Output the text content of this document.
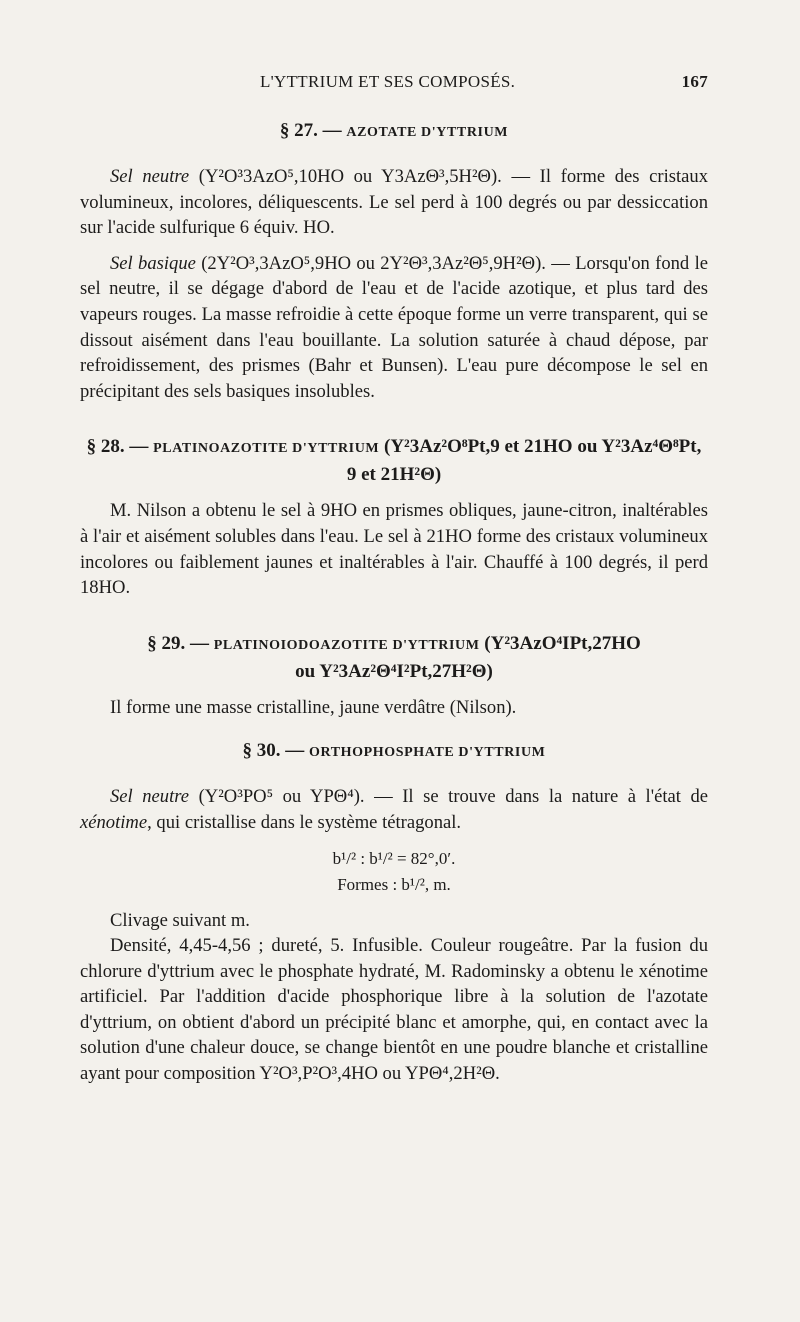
L'YTTRIUM ET SES COMPOSÉS.	167
§ 27. — AZOTATE D'YTTRIUM

Sel neutre (Y²O³3AzO⁵,10HO ou Y3AzΘ³,5H²Θ). — Il forme des cristaux volumineux, incolores, déliquescents. Le sel perd à 100 degrés ou par dessiccation sur l'acide sulfurique 6 équiv. HO.

Sel basique (2Y²O³,3AzO⁵,9HO ou 2Y²Θ³,3Az²Θ⁵,9H²Θ). — Lorsqu'on fond le sel neutre, il se dégage d'abord de l'eau et de l'acide azotique, et plus tard des vapeurs rouges. La masse refroidie à cette époque forme un verre transparent, qui se dissout aisément dans l'eau bouillante. La solution saturée à chaud dépose, par refroidissement, des prismes (Bahr et Bunsen). L'eau pure décompose le sel en précipitant des sels basiques insolubles.

§ 28. — PLATINOAZOTITE D'YTTRIUM (Y²3Az²O⁸Pt,9 et 21HO ou Y²3Az⁴Θ⁸Pt,
9 et 21H²Θ)

M. Nilson a obtenu le sel à 9HO en prismes obliques, jaune-citron, inaltérables à l'air et aisément solubles dans l'eau. Le sel à 21HO forme des cristaux volumineux incolores ou faiblement jaunes et inaltérables à l'air. Chauffé à 100 degrés, il perd 18HO.

§ 29. — PLATINOIODOAZOTITE D'YTTRIUM (Y²3AzO⁴IPt,27HO
ou Y²3Az²Θ⁴I²Pt,27H²Θ)

Il forme une masse cristalline, jaune verdâtre (Nilson).

§ 30. — ORTHOPHOSPHATE D'YTTRIUM

Sel neutre (Y²O³PO⁵ ou YPΘ⁴). — Il se trouve dans la nature à l'état de xénotime, qui cristallise dans le système tétragonal.

b¹/² : b¹/² = 82°,0′.
Formes : b¹/², m.

Clivage suivant m.

Densité, 4,45-4,56 ; dureté, 5. Infusible. Couleur rougeâtre. Par la fusion du chlorure d'yttrium avec le phosphate hydraté, M. Radominsky a obtenu le xénotime artificiel. Par l'addition d'acide phosphorique libre à la solution de l'azotate d'yttrium, on obtient d'abord un précipité blanc et amorphe, qui, en contact avec la solution d'une chaleur douce, se change bientôt en une poudre blanche et cristalline ayant pour composition Y²O³,P²O³,4HO ou YPΘ⁴,2H²Θ.
